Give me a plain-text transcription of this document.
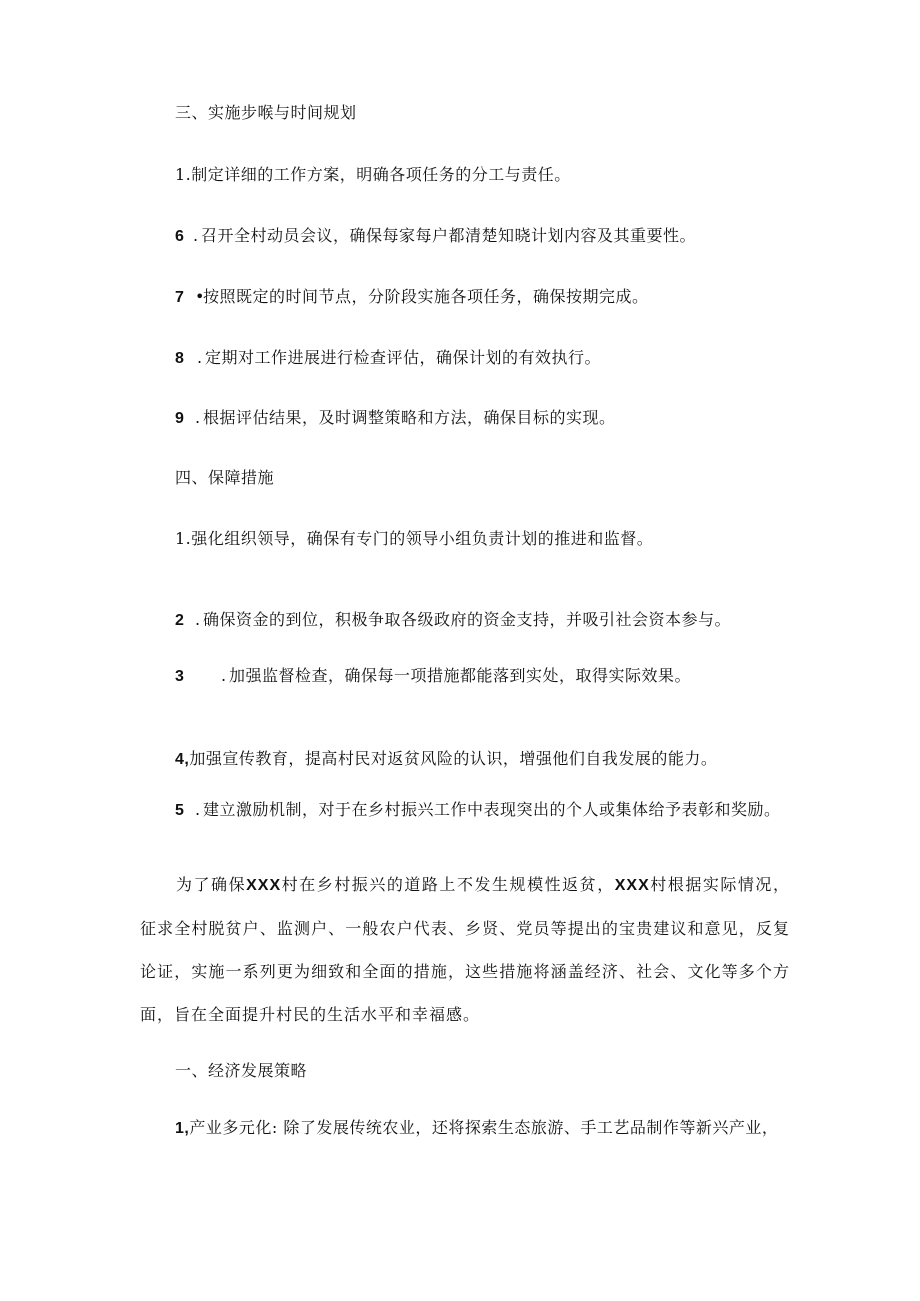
三、实施步喉与时间规划
1.制定详细的工作方案，明确各项任务的分工与责任。
6 . 召开全村动员会议，确保每家每户都清楚知晓计划内容及其重要性。
7 •按照既定的时间节点，分阶段实施各项任务，确保按期完成。
8 . 定期对工作进展进行检查评估，确保计划的有效执行。
9 . 根据评估结果，及时调整策略和方法，确保目标的实现。
四、保障措施
1.强化组织领导，确保有专门的领导小组负责计划的推进和监督。
2 . 确保资金的到位，积极争取各级政府的资金支持，并吸引社会资本参与。
3 . 加强监督检查，确保每一项措施都能落到实处，取得实际效果。
4,加强宣传教育，提高村民对返贫风险的认识，增强他们自我发展的能力。
5 . 建立激励机制，对于在乡村振兴工作中表现突出的个人或集体给予表彰和奖励。
为了确保XXX村在乡村振兴的道路上不发生规模性返贫，XXX村根据实际情况，征求全村脱贫户、监测户、一般农户代表、乡贤、党员等提出的宝贵建议和意见，反复论证，实施一系列更为细致和全面的措施，这些措施将涵盖经济、社会、文化等多个方面，旨在全面提升村民的生活水平和幸福感。
一、经济发展策略
1,产业多元化: 除了发展传统农业，还将探索生态旅游、手工艺品制作等新兴产业，
